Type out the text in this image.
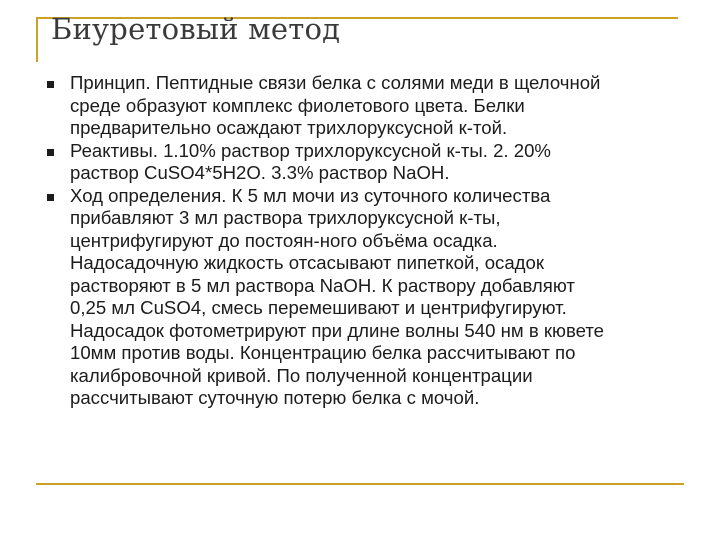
Биуретовый метод
Принцип. Пептидные связи белка с солями меди в щелочной
среде образуют комплекс фиолетового цвета. Белки
предварительно осаждают трихлоруксусной к-той.
Реактивы. 1.10% раствор трихлоруксусной к-ты. 2. 20%
раствор CuSO4*5H2O. 3.3% раствор NaOH.
Ход определения. К 5 мл мочи из суточного количества
прибавляют 3 мл раствора трихлоруксусной к-ты,
центрифугируют до постоян-ного объёма осадка.
Надосадочную жидкость отсасывают пипеткой, осадок
растворяют в 5 мл раствора NaOH. К раствору добавляют
0,25 мл CuSO4, смесь перемешивают и центрифугируют.
Надосадок фотометрируют при длине волны 540 нм в кювете
10мм против воды. Концентрацию белка рассчитывают по
калибровочной кривой. По полученной концентрации
рассчитывают суточную потерю белка с мочой.
